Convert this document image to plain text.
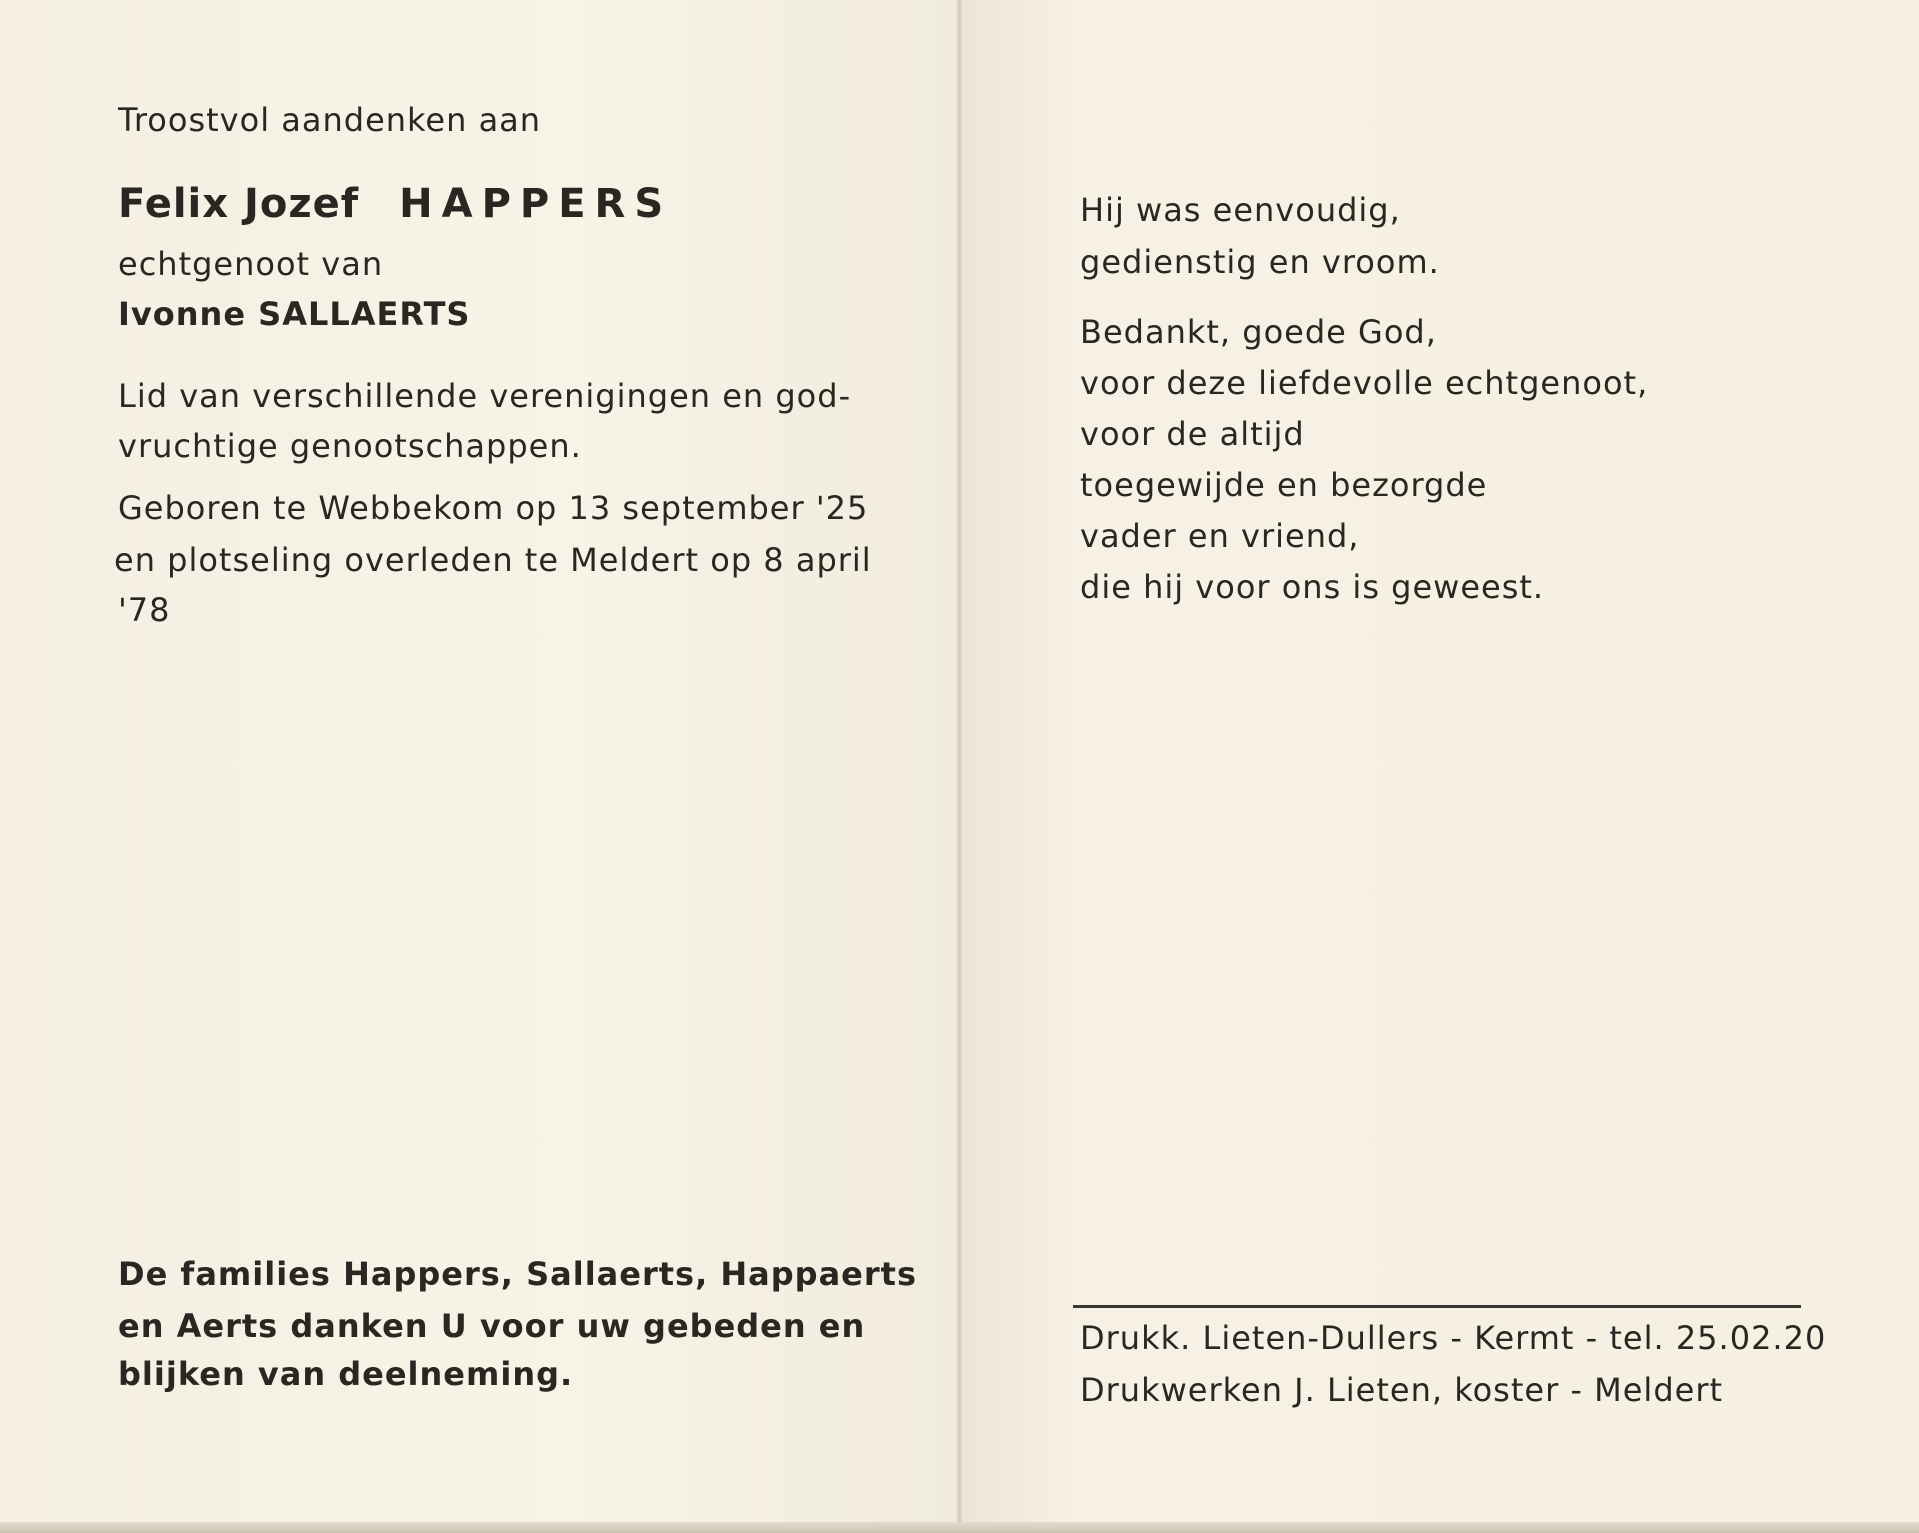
Troostvol aandenken aan
Felix Jozef HAPPERS
echtgenoot van
Ivonne SALLAERTS
Lid van verschillende verenigingen en god-
vruchtige genootschappen.
Geboren te Webbekom op 13 september '25
en plotseling overleden te Meldert op 8 april
'78
De families Happers, Sallaerts, Happaerts
en Aerts danken U voor uw gebeden en
blijken van deelneming.
Hij was eenvoudig,
gedienstig en vroom.
Bedankt, goede God,
voor deze liefdevolle echtgenoot,
voor de altijd
toegewijde en bezorgde
vader en vriend,
die hij voor ons is geweest.
Drukk. Lieten-Dullers - Kermt - tel. 25.02.20
Drukwerken J. Lieten, koster - Meldert
